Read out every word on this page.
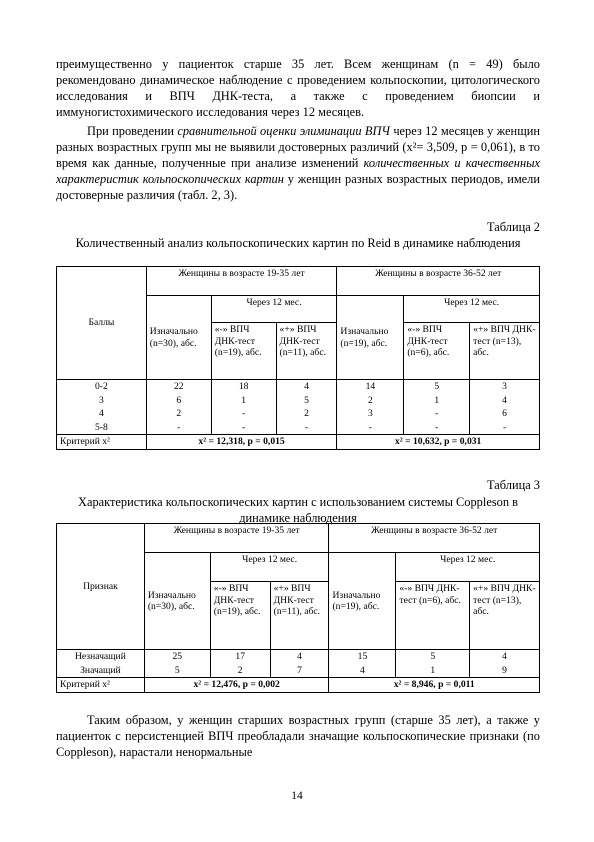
преимущественно у пациенток старше 35 лет. Всем женщинам (n = 49) было рекомендовано динамическое наблюдение с проведением кольпоскопии, цитологического исследования и ВПЧ ДНК-теста, а также с проведением биопсии и иммуногистохимического исследования через 12 месяцев.

При проведении сравнительной оценки элиминации ВПЧ через 12 месяцев у женщин разных возрастных групп мы не выявили достоверных различий (x²= 3,509, р = 0,061), в то время как данные, полученные при анализе изменений количественных и качественных характеристик кольпоскопических картин у женщин разных возрастных периодов, имели достоверные различия (табл. 2, 3).

Таблица 2

Количественный анализ кольпоскопических картин по Reid в динамике наблюдения

Баллы	Женщины в возрасте 19-35 лет			Женщины в возрасте 36-52 лет		
	Изначально (n=30), абс.	Через 12 мес.		Изначально (n=19), абс.	Через 12 мес.	
		«-» ВПЧ ДНК-тест (n=19), абс.	«+» ВПЧ ДНК-тест (n=11), абс.		«-» ВПЧ ДНК-тест (n=6), абс.	«+» ВПЧ ДНК-тест (n=13), абс.
0-2	22	18	4	14	5	3
3	6	1	5	2	1	4
4	2	-	2	3	-	6
5-8	-	-	-	-	-	-
Критерий x²	x² = 12,318, р = 0,015			x² = 10,632, р = 0,031		

Таблица 3

Характеристика кольпоскопических картин с использованием системы Coppleson в динамике наблюдения

Признак	Женщины в возрасте 19-35 лет			Женщины в возрасте 36-52 лет		
	Изначально (n=30), абс.	Через 12 мес.		Изначально (n=19), абс.	Через 12 мес.	
		«-» ВПЧ ДНК-тест (n=19), абс.	«+» ВПЧ ДНК-тест (n=11), абс.		«-» ВПЧ ДНК-тест (n=6), абс.	«+» ВПЧ ДНК-тест (n=13), абс.
Незначащий	25	17	4	15	5	4
Значащий	5	2	7	4	1	9
Критерий x²	x² = 12,476, р = 0,002			x² = 8,946, р = 0,011		

Таким образом, у женщин старших возрастных групп (старше 35 лет), а также у пациенток с персистенцией ВПЧ преобладали значащие кольпоскопические признаки (по Coppleson), нарастали ненормальные

14
